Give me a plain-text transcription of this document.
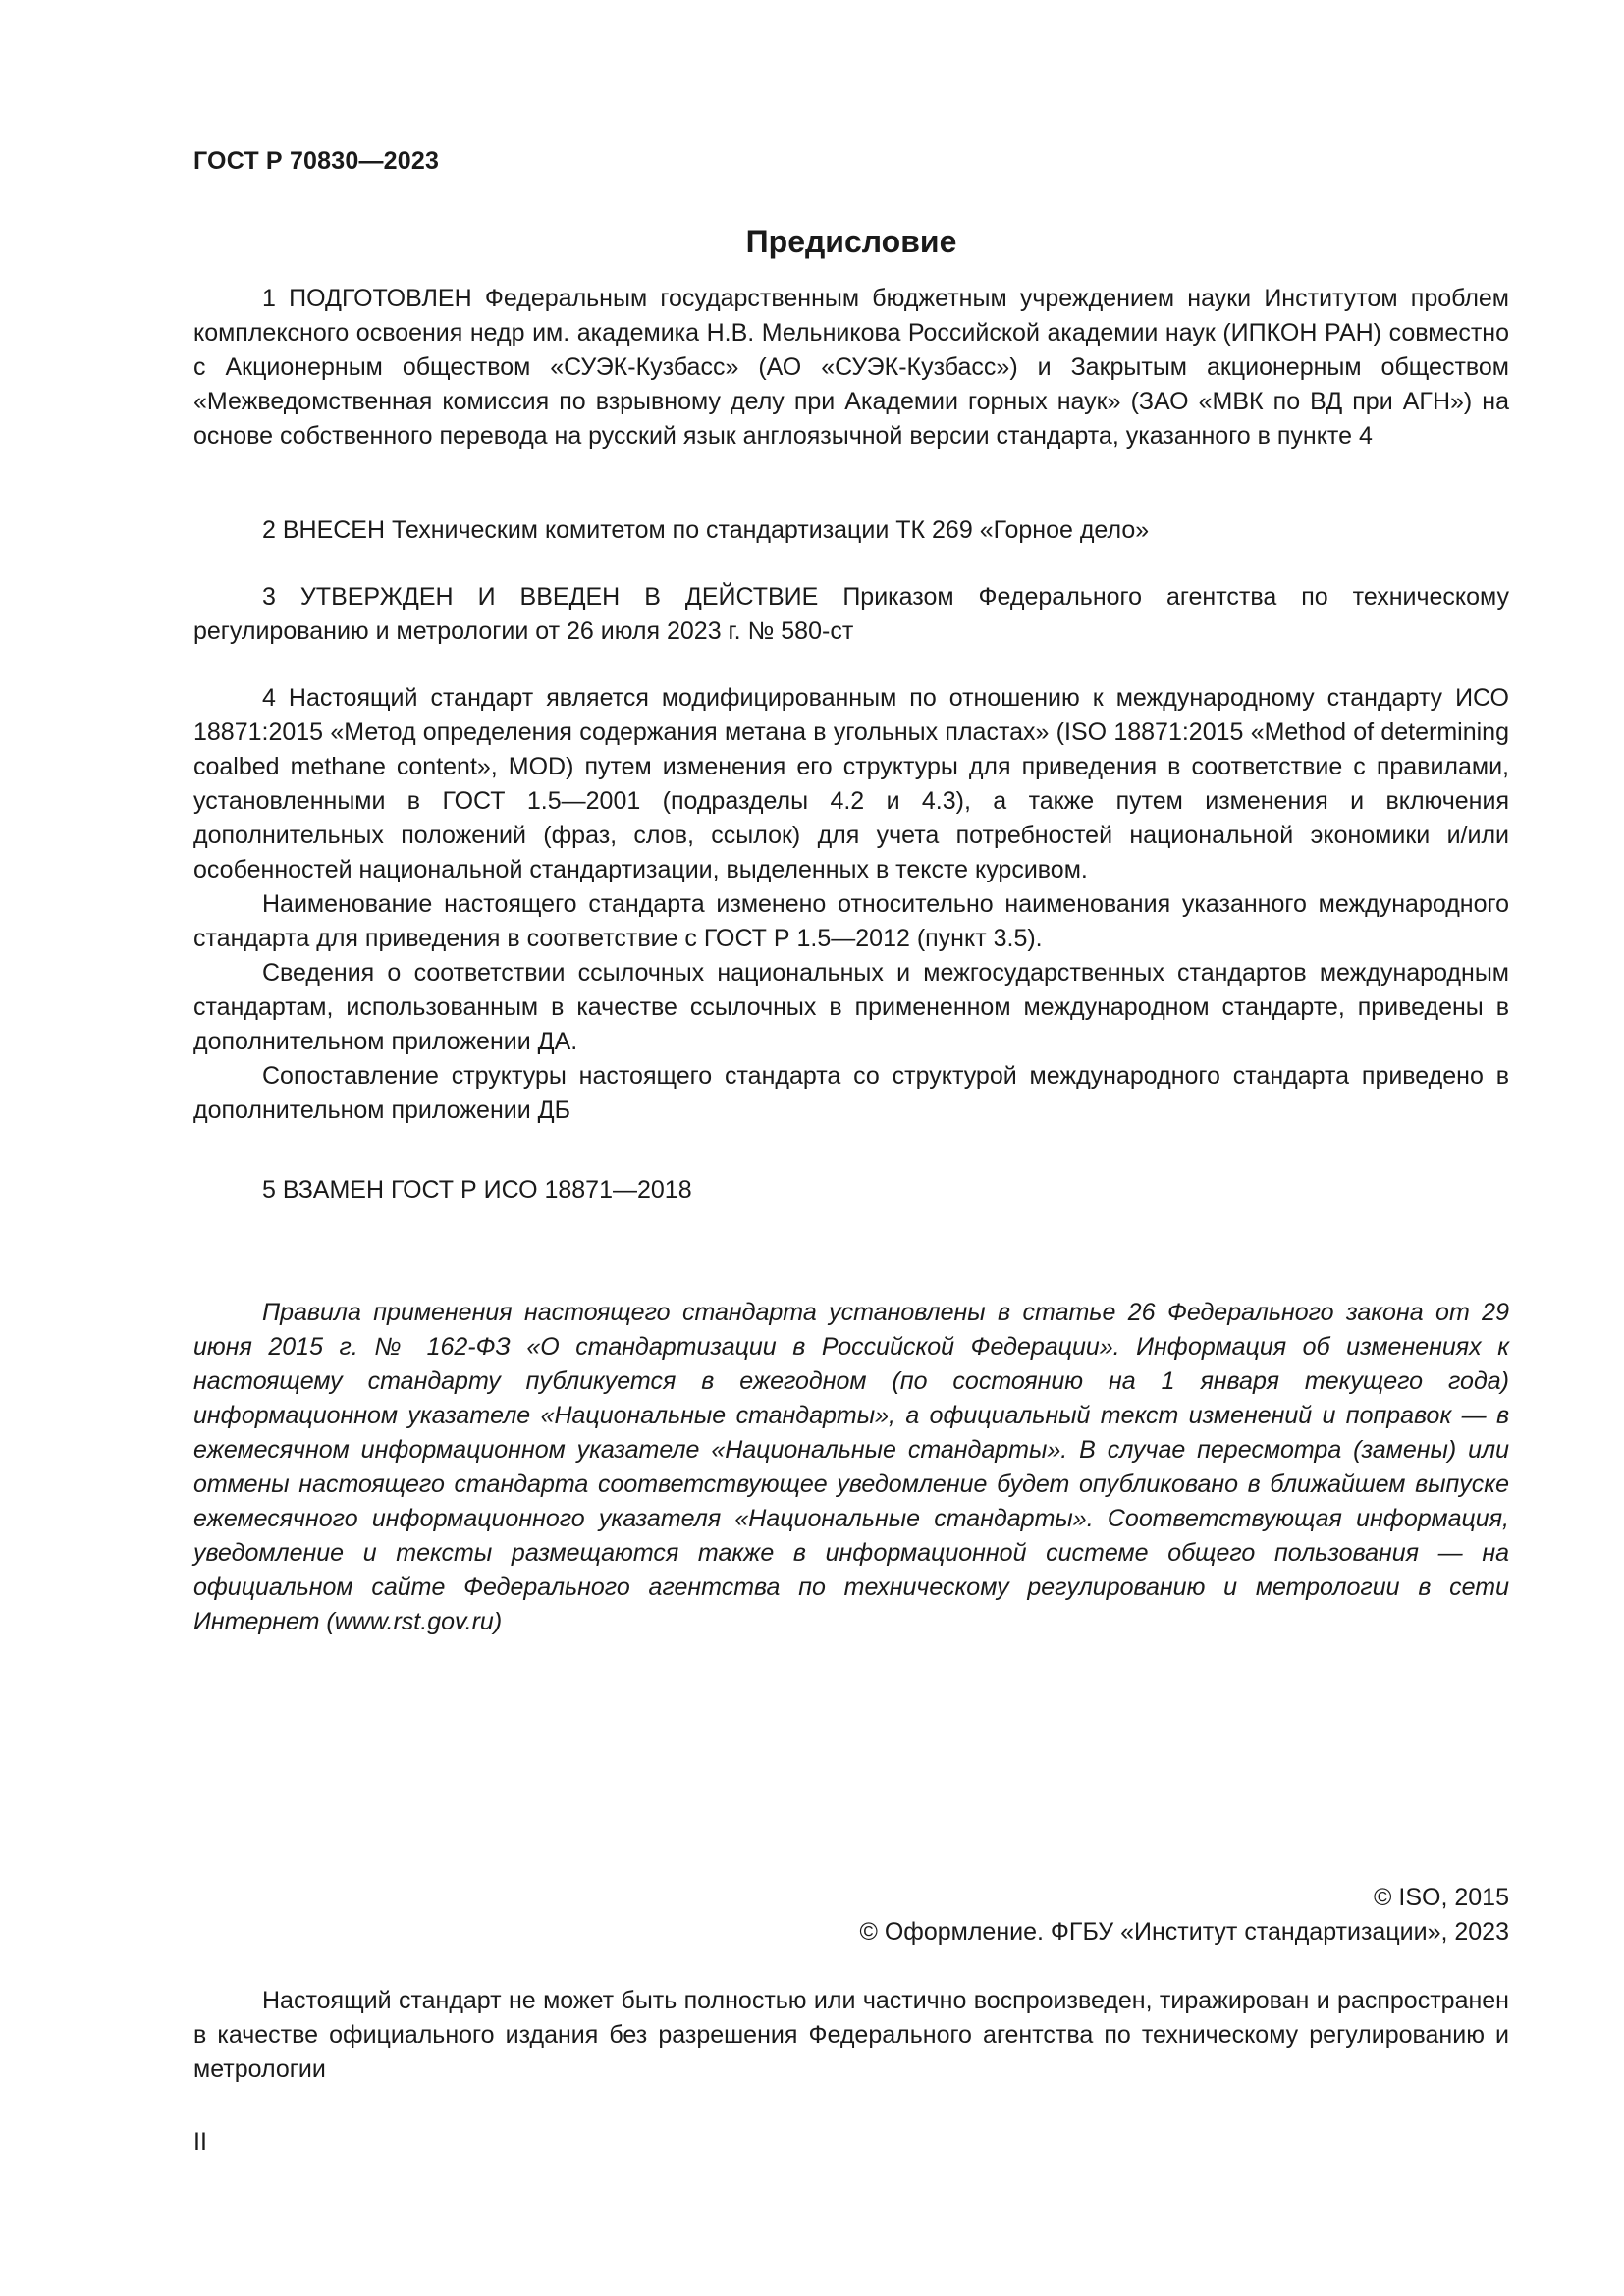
ГОСТ Р 70830—2023
Предисловие

1 ПОДГОТОВЛЕН Федеральным государственным бюджетным учреждением науки Институтом проблем комплексного освоения недр им. академика Н.В. Мельникова Российской академии наук (ИПКОН РАН) совместно с Акционерным обществом «СУЭК-Кузбасс» (АО «СУЭК-Кузбасс») и Закрытым акционерным обществом «Межведомственная комиссия по взрывному делу при Академии горных наук» (ЗАО «МВК по ВД при АГН») на основе собственного перевода на русский язык англоязычной версии стандарта, указанного в пункте 4

2 ВНЕСЕН Техническим комитетом по стандартизации ТК 269 «Горное дело»

3 УТВЕРЖДЕН И ВВЕДЕН В ДЕЙСТВИЕ Приказом Федерального агентства по техническому регулированию и метрологии от 26 июля 2023 г. № 580-ст

4 Настоящий стандарт является модифицированным по отношению к международному стандарту ИСО 18871:2015 «Метод определения содержания метана в угольных пластах» (ISO 18871:2015 «Method of determining coalbed methane content», MOD) путем изменения его структуры для приведения в соответствие с правилами, установленными в ГОСТ 1.5—2001 (подразделы 4.2 и 4.3), а также путем изменения и включения дополнительных положений (фраз, слов, ссылок) для учета потребностей национальной экономики и/или особенностей национальной стандартизации, выделенных в тексте курсивом.

Наименование настоящего стандарта изменено относительно наименования указанного международного стандарта для приведения в соответствие с ГОСТ Р 1.5—2012 (пункт 3.5).

Сведения о соответствии ссылочных национальных и межгосударственных стандартов международным стандартам, использованным в качестве ссылочных в примененном международном стандарте, приведены в дополнительном приложении ДА.

Сопоставление структуры настоящего стандарта со структурой международного стандарта приведено в дополнительном приложении ДБ

5 ВЗАМЕН ГОСТ Р ИСО 18871—2018

Правила применения настоящего стандарта установлены в статье 26 Федерального закона от 29 июня 2015 г. № 162-ФЗ «О стандартизации в Российской Федерации». Информация об изменениях к настоящему стандарту публикуется в ежегодном (по состоянию на 1 января текущего года) информационном указателе «Национальные стандарты», а официальный текст изменений и поправок — в ежемесячном информационном указателе «Национальные стандарты». В случае пересмотра (замены) или отмены настоящего стандарта соответствующее уведомление будет опубликовано в ближайшем выпуске ежемесячного информационного указателя «Национальные стандарты». Соответствующая информация, уведомление и тексты размещаются также в информационной системе общего пользования — на официальном сайте Федерального агентства по техническому регулированию и метрологии в сети Интернет (www.rst.gov.ru)

© ISO, 2015
© Оформление. ФГБУ «Институт стандартизации», 2023

Настоящий стандарт не может быть полностью или частично воспроизведен, тиражирован и распространен в качестве официального издания без разрешения Федерального агентства по техническому регулированию и метрологии

II
